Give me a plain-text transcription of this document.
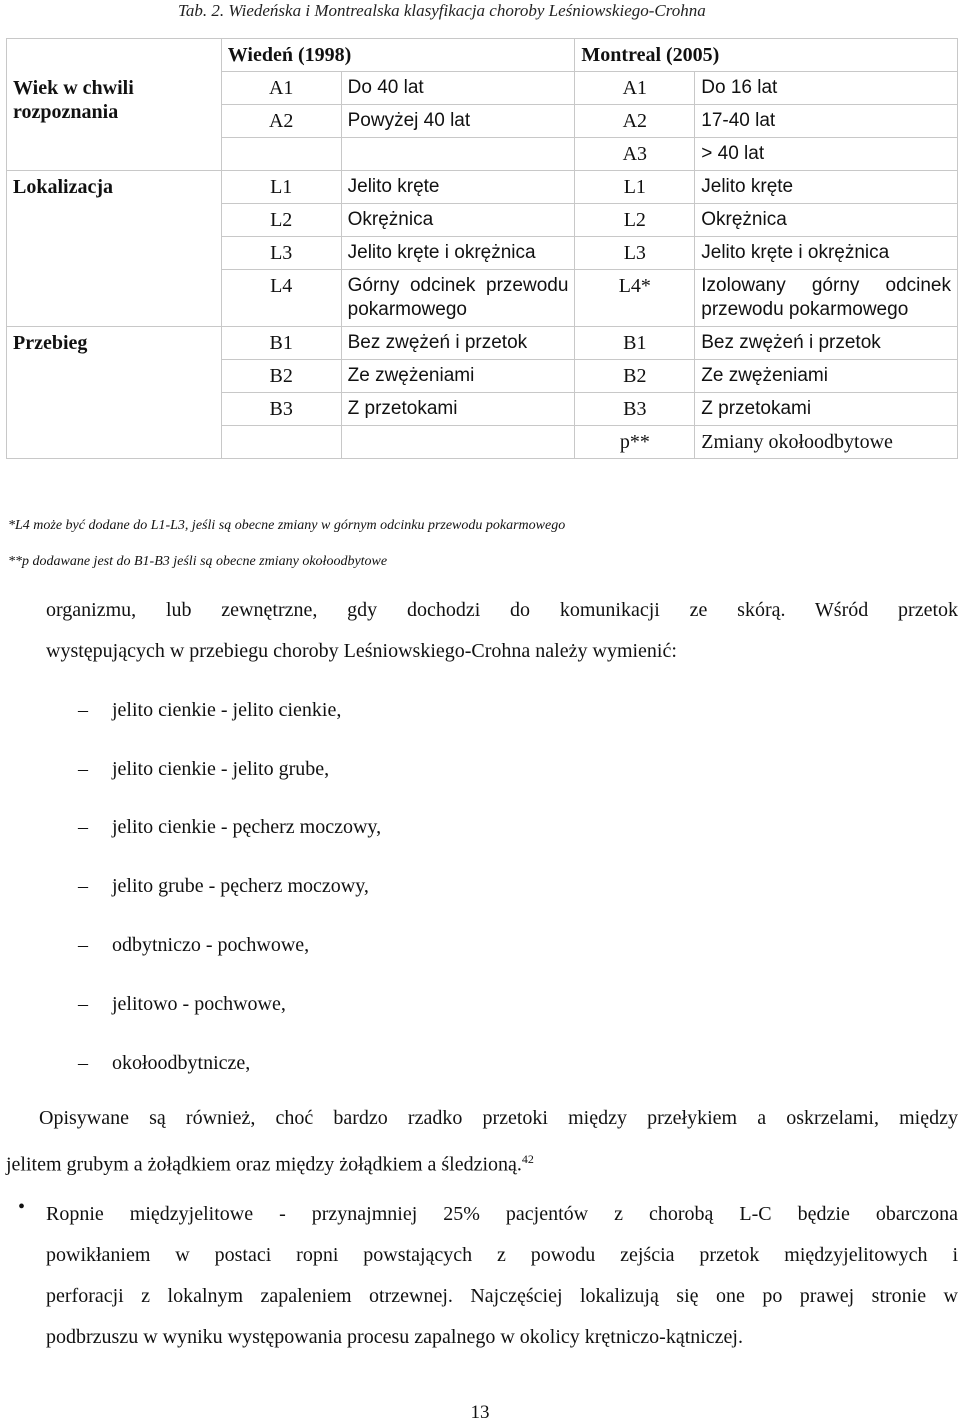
Tab. 2. Wiedeńska i Montrealska klasyfikacja choroby Leśniowskiego-Crohna
	Wiedeń (1998)		Montreal (2005)	
Wiek w chwili rozpoznania	A1	Do 40 lat	A1	Do 16 lat
	A2	Powyżej 40 lat	A2	17-40 lat
			A3	> 40 lat
Lokalizacja	L1	Jelito kręte	L1	Jelito kręte
	L2	Okrężnica	L2	Okrężnica
	L3	Jelito kręte i okrężnica	L3	Jelito kręte i okrężnica
	L4	Górny odcinek przewodu pokarmowego	L4*	Izolowany górny odcinek przewodu pokarmowego
Przebieg	B1	Bez zwężeń i przetok	B1	Bez zwężeń i przetok
	B2	Ze zwężeniami	B2	Ze zwężeniami
	B3	Z przetokami	B3	Z przetokami
			p**	Zmiany okołoodbytowe
*L4 może być dodane do L1-L3, jeśli są obecne zmiany w górnym odcinku przewodu pokarmowego
**p dodawane jest do B1-B3 jeśli są obecne zmiany okołoodbytowe
organizmu, lub zewnętrzne, gdy dochodzi do komunikacji ze skórą. Wśród przetok
występujących w przebiegu choroby Leśniowskiego-Crohna należy wymienić:
–	jelito cienkie - jelito cienkie,
–	jelito cienkie - jelito grube,
–	jelito cienkie - pęcherz moczowy,
–	jelito grube - pęcherz moczowy,
–	odbytniczo - pochwowe,
–	jelitowo - pochwowe,
–	okołoodbytnicze,
Opisywane są również, choć bardzo rzadko przetoki między przełykiem a oskrzelami, między
jelitem grubym a żołądkiem oraz między żołądkiem a śledzioną.$^{42}$
• Ropnie międzyjelitowe - przynajmniej 25% pacjentów z chorobą L-C będzie obarczona
powikłaniem w postaci ropni powstających z powodu zejścia przetok międzyjelitowych i
perforacji z lokalnym zapaleniem otrzewnej. Najczęściej lokalizują się one po prawej stronie w
podbrzuszu w wyniku występowania procesu zapalnego w okolicy krętniczo-kątniczej.
13
